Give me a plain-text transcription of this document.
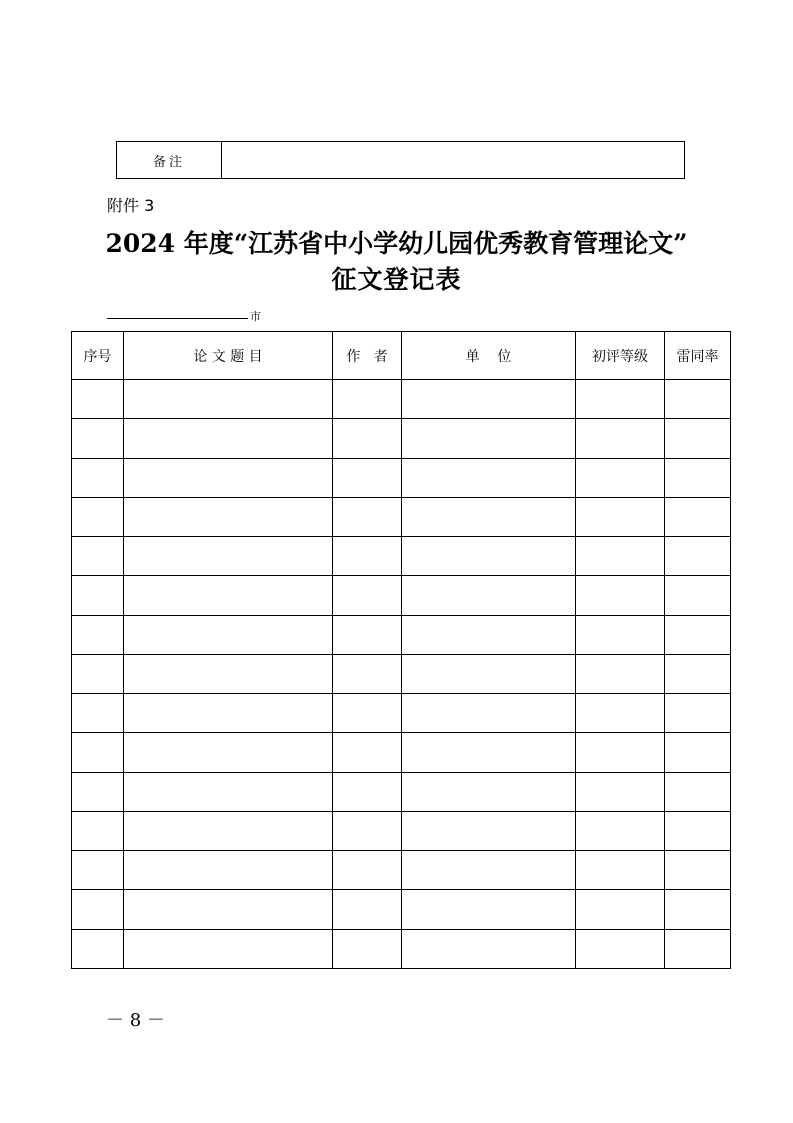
备注	
附件 3
2024 年度“江苏省中小学幼儿园优秀教育管理论文”
征文登记表
市
序号	论 文 题 目	作   者	单    位	初评等级	雷同率

－ 8 －
